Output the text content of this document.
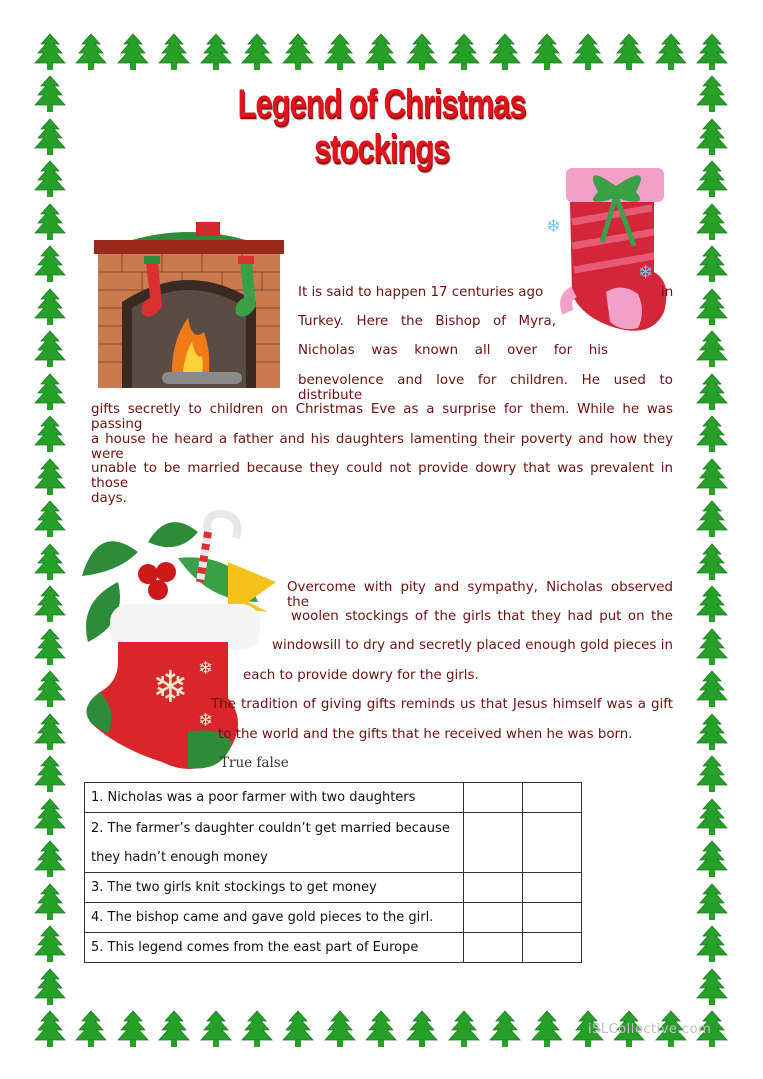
Legend of Christmas stockings
❄
❄
❄ ❄
❄
It is said to happen 17 centuries ago	in
Turkey. Here the Bishop of Myra,
Nicholas was known all over for his
benevolence and love for children. He used to distribute
gifts secretly to children on Christmas Eve as a surprise for them. While he was passing
a house he heard a father and his daughters lamenting their poverty and how they were
unable to be married because they could not provide dowry that was prevalent in those
days.
Overcome with pity and sympathy, Nicholas observed the
woolen stockings of the girls that they had put on the
windowsill to dry and secretly placed enough gold pieces in
each to provide dowry for the girls.
The tradition of giving gifts reminds us that Jesus himself was a gift
to the world and the gifts that he received when he was born.
True false
1. Nicholas was a poor farmer with two daughters		

2. The farmer’s daughter couldn’t get married because
they hadn’t enough money		

3. The two girls knit stockings to get money		
4. The bishop came and gave gold pieces to the girl.		
5. This legend comes from the east part of Europe		
iSLCollective.com
